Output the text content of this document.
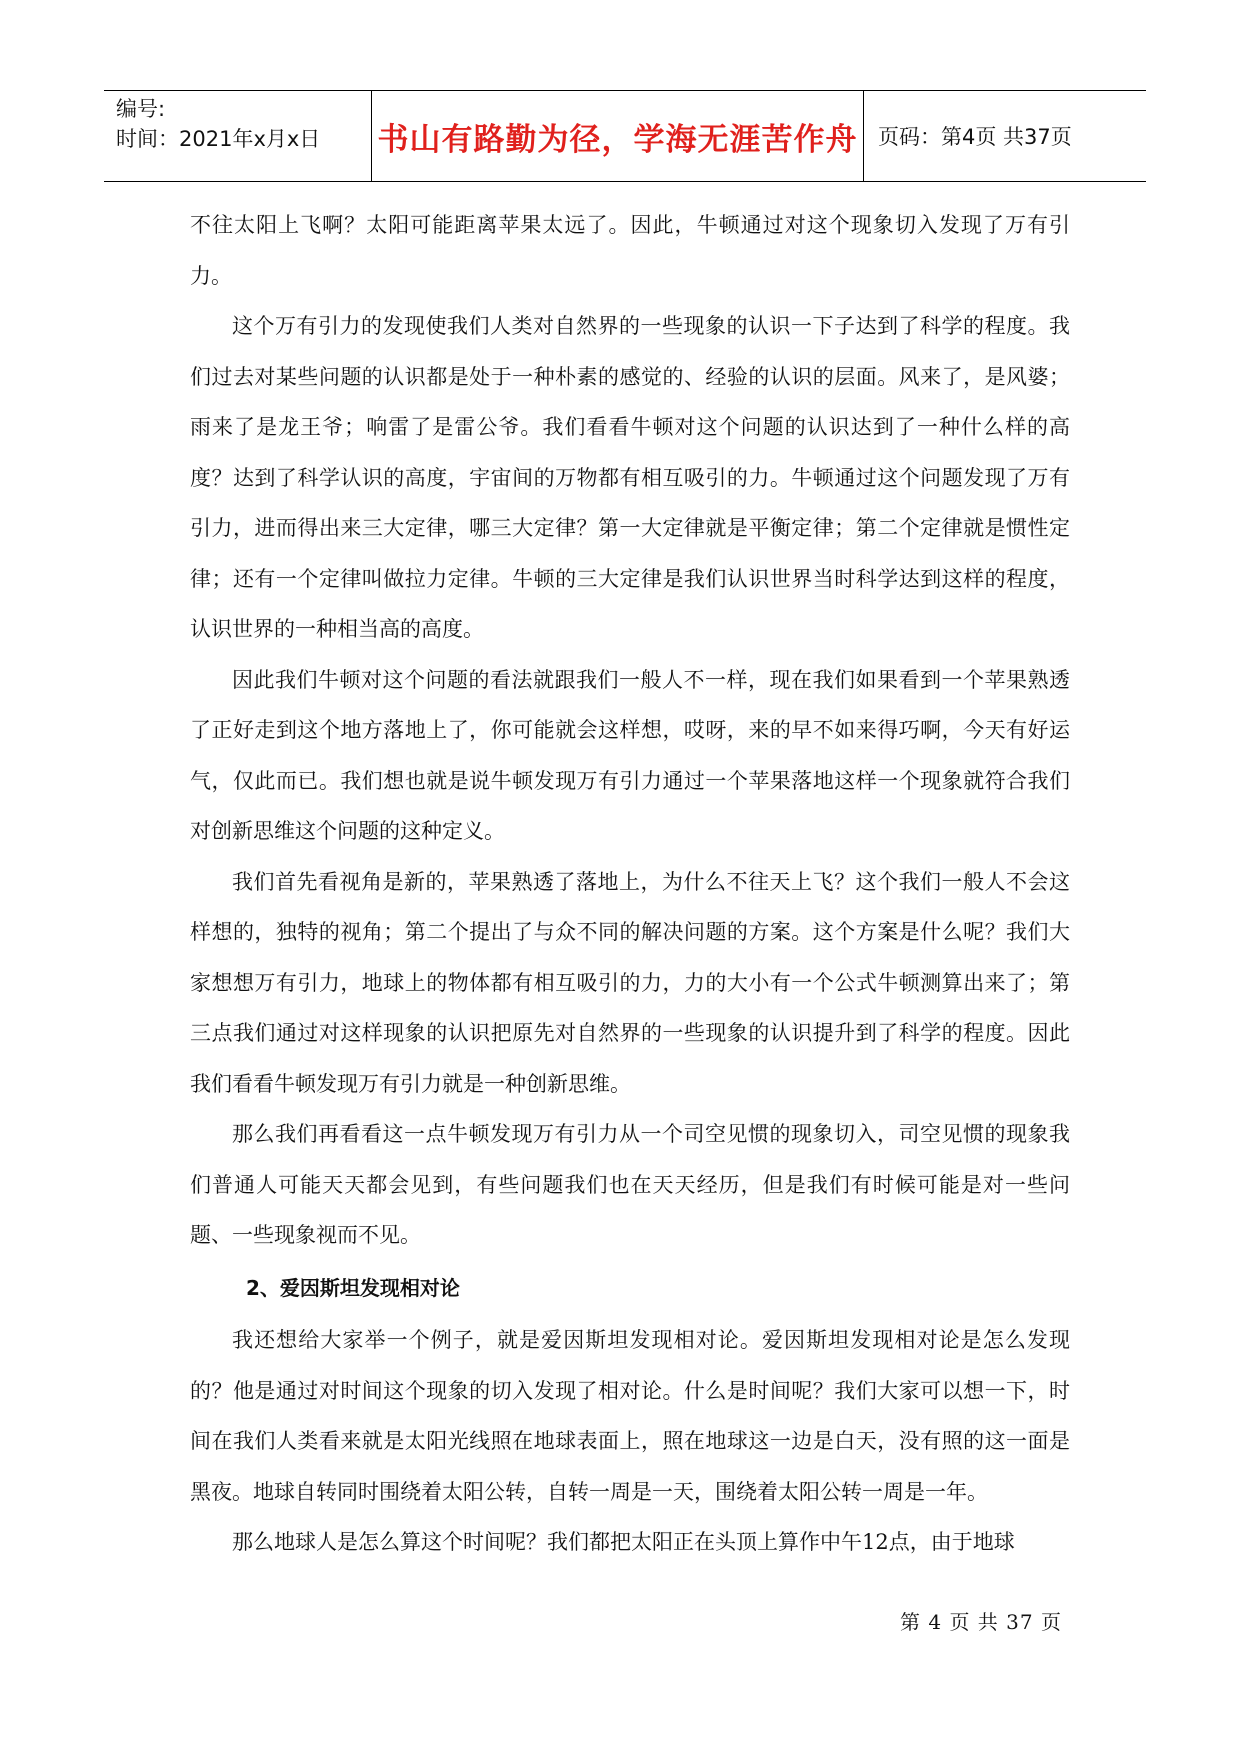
编号:
时间：2021年x月x日	书山有路勤为径，学海无涯苦作舟 页码：第4页 共37页

不往太阳上飞啊？太阳可能距离苹果太远了。因此，牛顿通过对这个现象切入发现了万有引力。

这个万有引力的发现使我们人类对自然界的一些现象的认识一下子达到了科学的程度。我们过去对某些问题的认识都是处于一种朴素的感觉的、经验的认识的层面。风来了，是风婆；雨来了是龙王爷；响雷了是雷公爷。我们看看牛顿对这个问题的认识达到了一种什么样的高度？达到了科学认识的高度，宇宙间的万物都有相互吸引的力。牛顿通过这个问题发现了万有引力，进而得出来三大定律，哪三大定律？第一大定律就是平衡定律；第二个定律就是惯性定律；还有一个定律叫做拉力定律。牛顿的三大定律是我们认识世界当时科学达到这样的程度，认识世界的一种相当高的高度。

因此我们牛顿对这个问题的看法就跟我们一般人不一样，现在我们如果看到一个苹果熟透了正好走到这个地方落地上了，你可能就会这样想，哎呀，来的早不如来得巧啊，今天有好运气，仅此而已。我们想也就是说牛顿发现万有引力通过一个苹果落地这样一个现象就符合我们对创新思维这个问题的这种定义。

我们首先看视角是新的，苹果熟透了落地上，为什么不往天上飞？这个我们一般人不会这样想的，独特的视角；第二个提出了与众不同的解决问题的方案。这个方案是什么呢？我们大家想想万有引力，地球上的物体都有相互吸引的力，力的大小有一个公式牛顿测算出来了；第三点我们通过对这样现象的认识把原先对自然界的一些现象的认识提升到了科学的程度。因此我们看看牛顿发现万有引力就是一种创新思维。

那么我们再看看这一点牛顿发现万有引力从一个司空见惯的现象切入，司空见惯的现象我们普通人可能天天都会见到，有些问题我们也在天天经历，但是我们有时候可能是对一些问题、一些现象视而不见。

2、爱因斯坦发现相对论

我还想给大家举一个例子，就是爱因斯坦发现相对论。爱因斯坦发现相对论是怎么发现的？他是通过对时间这个现象的切入发现了相对论。什么是时间呢？我们大家可以想一下，时间在我们人类看来就是太阳光线照在地球表面上，照在地球这一边是白天，没有照的这一面是黑夜。地球自转同时围绕着太阳公转，自转一周是一天，围绕着太阳公转一周是一年。

那么地球人是怎么算这个时间呢？我们都把太阳正在头顶上算作中午12点，由于地球

第 4 页 共 37 页
